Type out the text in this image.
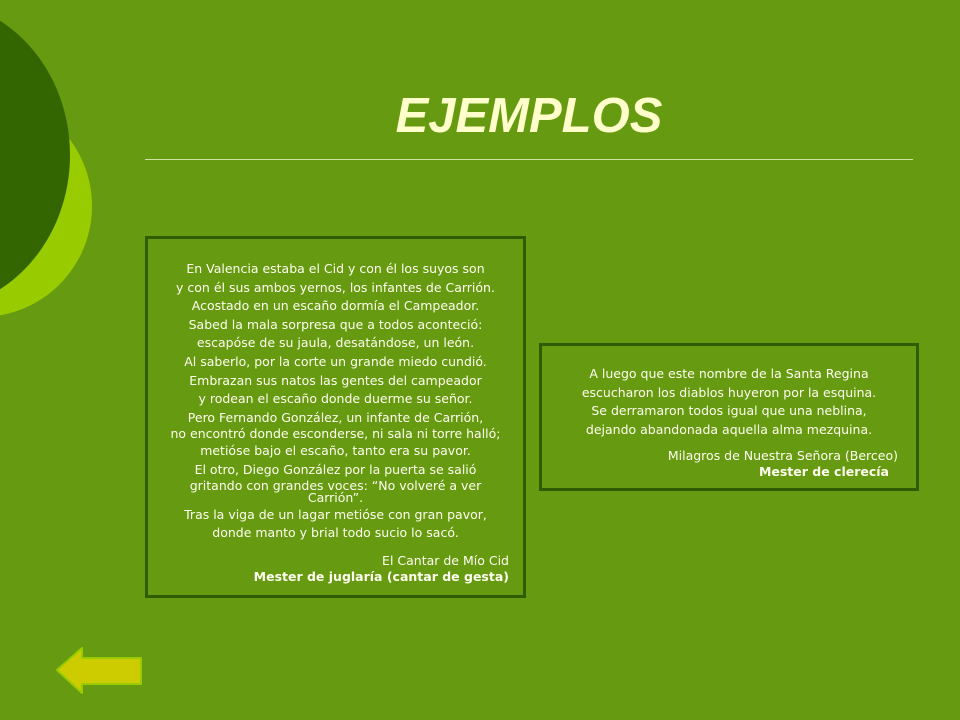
EJEMPLOS
En Valencia estaba el Cid y con él los suyos son
y con él sus ambos yernos, los infantes de Carrión.
Acostado en un escaño dormía el Campeador.
Sabed la mala sorpresa que a todos aconteció:
escapóse de su jaula, desatándose, un león.
Al saberlo, por la corte un grande miedo cundió.
Embrazan sus natos las gentes del campeador
y rodean el escaño donde duerme su señor.
Pero Fernando González, un infante de Carrión,
no encontró donde esconderse, ni sala ni torre halló;
metióse bajo el escaño, tanto era su pavor.
El otro, Diego González por la puerta se salió
gritando con grandes voces: “No volveré a ver Carrión”.
Tras la viga de un lagar metióse con gran pavor,
donde manto y brial todo sucio lo sacó.
El Cantar de Mío Cid
Mester de juglaría (cantar de gesta)
A luego que este nombre de la Santa Regina
escucharon los diablos huyeron por la esquina.
Se derramaron todos igual que una neblina,
dejando abandonada aquella alma mezquina.
Milagros de Nuestra Señora (Berceo)
Mester de clerecía
